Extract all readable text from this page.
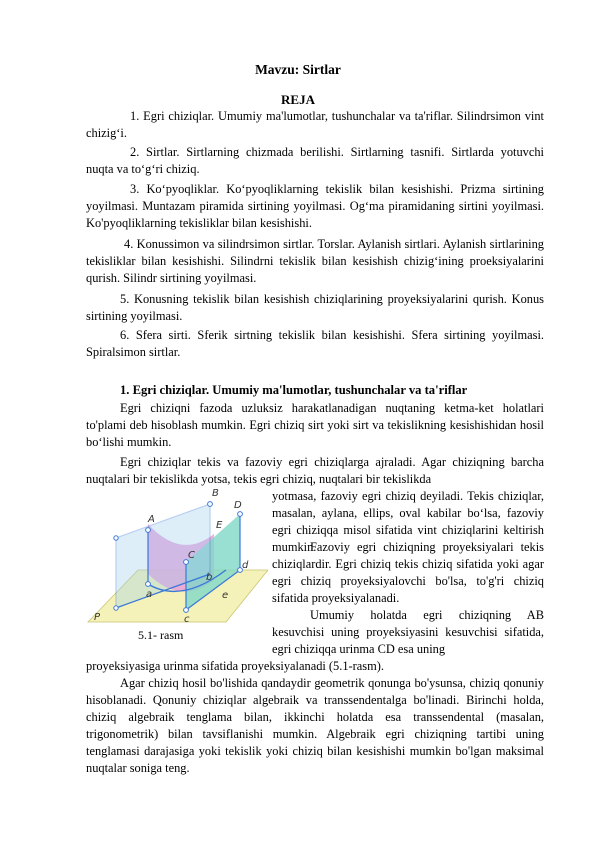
Mavzu: Sirtlar
REJA

1. Egri chiziqlar. Umumiy ma'lumotlar, tushunchalar va ta'riflar. Silindrsimon vint chizig‘i.

2. Sirtlar. Sirtlarning chizmada berilishi. Sirtlarning tasnifi. Sirtlarda yotuvchi nuqta va to‘g‘ri chiziq.

3. Ko‘pyoqliklar. Ko‘pyoqliklarning tekislik bilan kesishishi. Prizma sirtining yoyilmasi. Muntazam piramida sirtining yoyilmasi. Og‘ma piramidaning sirtini yoyilmasi. Ko'pyoqliklarning tekisliklar bilan kesishishi.

4. Konussimon va silindrsimon sirtlar. Torslar. Aylanish sirtlari. Aylanish sirtlarining tekisliklar bilan kesishishi. Silindrni tekislik bilan kesishish chizig‘ining proeksiyalarini qurish. Silindr sirtining yoyilmasi.

5. Konusning tekislik bilan kesishish chiziqlarining proyeksiyalarini qurish. Konus sirtining yoyilmasi.

6. Sfera sirti. Sferik sirtning tekislik bilan kesishishi. Sfera sirtining yoyilmasi. Spiralsimon sirtlar.

1. Egri chiziqlar. Umumiy ma'lumotlar, tushunchalar va ta'riflar

Egri chiziqni fazoda uzluksiz harakatlanadigan nuqtaning ketma-ket holatlari to'plami deb hisoblash mumkin. Egri chiziq sirt yoki sirt va tekislikning kesishishidan hosil bo‘lishi mumkin.

Egri chiziqlar tekis va fazoviy egri chiziqlarga ajraladi. Agar chiziqning barcha nuqtalari bir tekislikda yotsa, tekis egri chiziq, nuqtalari bir tekislikda

A
B
C
D
E
a
b
c
d
e
P
5.1- rasm

yotmasa, fazoviy egri chiziq deyiladi. Tekis chiziqlar, masalan, aylana, ellips, oval kabilar bo‘lsa, fazoviy egri chiziqqa misol sifatida vint chiziqlarini keltirish mumkin.

Fazoviy egri chiziqning proyeksiyalari tekis chiziqlardir. Egri chiziq tekis chiziq sifatida yoki agar egri chiziq proyeksiyalovchi bo'lsa, to'g'ri chiziq sifatida proyeksiyalanadi.

Umumiy holatda egri chiziqning AB kesuvchisi uning proyeksiyasini kesuvchisi sifatida, egri chiziqqa urinma CD esa uning

proyeksiyasiga urinma sifatida proyeksiyalanadi (5.1-rasm).

Agar chiziq hosil bo'lishida qandaydir geometrik qonunga bo'ysunsa, chiziq qonuniy hisoblanadi. Qonuniy chiziqlar algebraik va transsendentalga bo'linadi. Birinchi holda, chiziq algebraik tenglama bilan, ikkinchi holatda esa transsendental (masalan, trigonometrik) bilan tavsiflanishi mumkin. Algebraik egri chiziqning tartibi uning tenglamasi darajasiga yoki tekislik yoki chiziq bilan kesishishi mumkin bo'lgan maksimal nuqtalar soniga teng.
